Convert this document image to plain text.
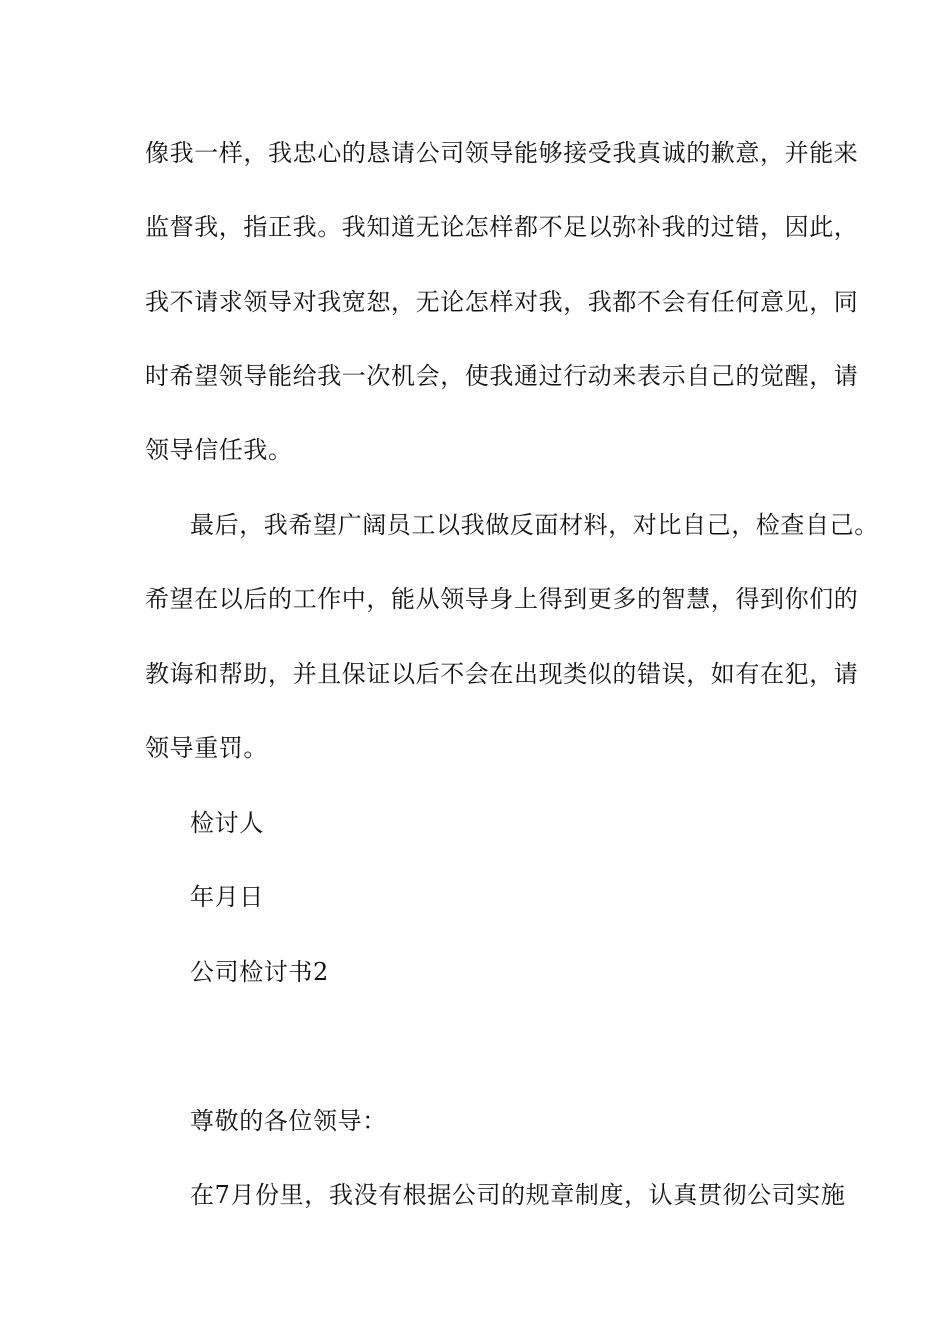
像我一样，我忠心的恳请公司领导能够接受我真诚的歉意，并能来
监督我，指正我。我知道无论怎样都不足以弥补我的过错，因此，
我不请求领导对我宽恕，无论怎样对我，我都不会有任何意见，同
时希望领导能给我一次机会，使我通过行动来表示自己的觉醒，请
领导信任我。
最后，我希望广阔员工以我做反面材料，对比自己，检查自己。
希望在以后的工作中，能从领导身上得到更多的智慧，得到你们的
教诲和帮助，并且保证以后不会在出现类似的错误，如有在犯，请
领导重罚。
检讨人
年月日
公司检讨书2
尊敬的各位领导：
在7月份里，我没有根据公司的规章制度，认真贯彻公司实施
